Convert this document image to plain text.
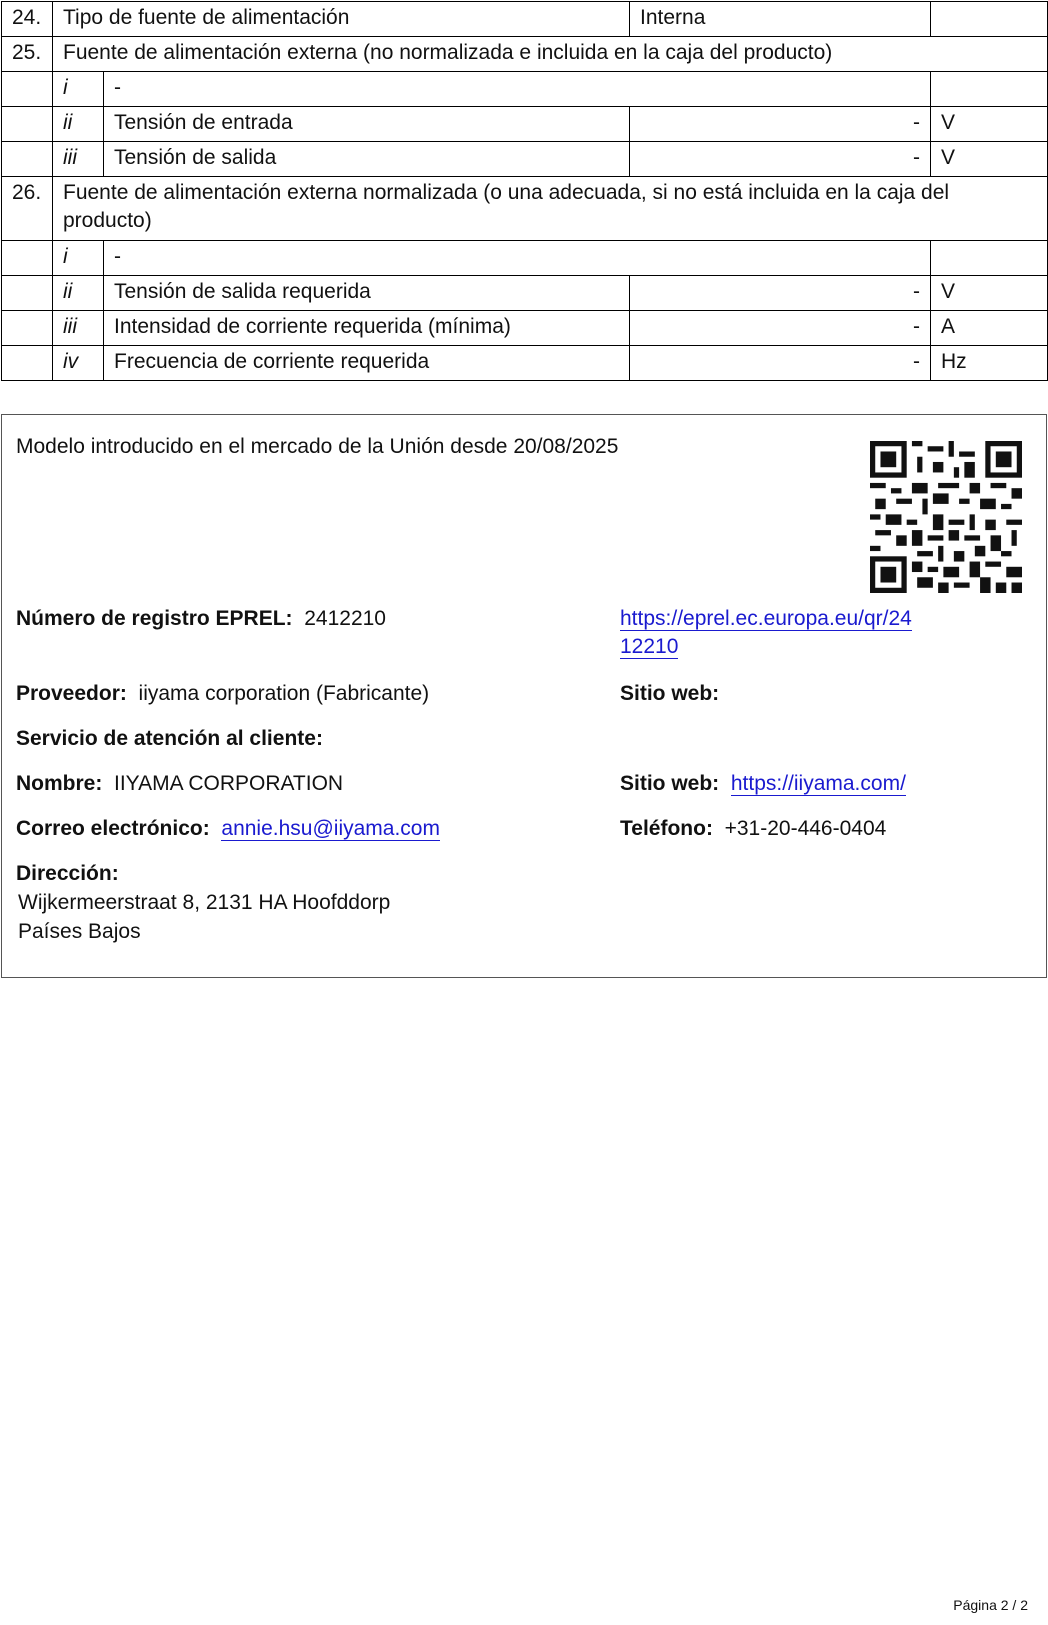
24.	Tipo de fuente de alimentación		Interna	
25.	Fuente de alimentación externa (no normalizada e incluida en la caja del producto)			
	i	-		
	ii	Tensión de entrada	-	V
	iii	Tensión de salida	-	V
26.	Fuente de alimentación externa normalizada (o una adecuada, si no está incluida en la caja del producto)			
	i	-		
	ii	Tensión de salida requerida	-	V
	iii	Intensidad de corriente requerida (mínima)	-	A
	iv	Frecuencia de corriente requerida	-	Hz
Modelo introducido en el mercado de la Unión desde 20/08/2025
Número de registro EPREL: 2412210	https://eprel.ec.europa.eu/qr/24
12210
Proveedor: iiyama corporation (Fabricante)	Sitio web:
Servicio de atención al cliente:
Nombre: IIYAMA CORPORATION	Sitio web: https://iiyama.com/
Correo electrónico: annie.hsu@iiyama.com	Teléfono: +31-20-446-0404
Dirección:
Wijkermeerstraat 8, 2131 HA Hoofddorp
Países Bajos
Página 2 / 2
